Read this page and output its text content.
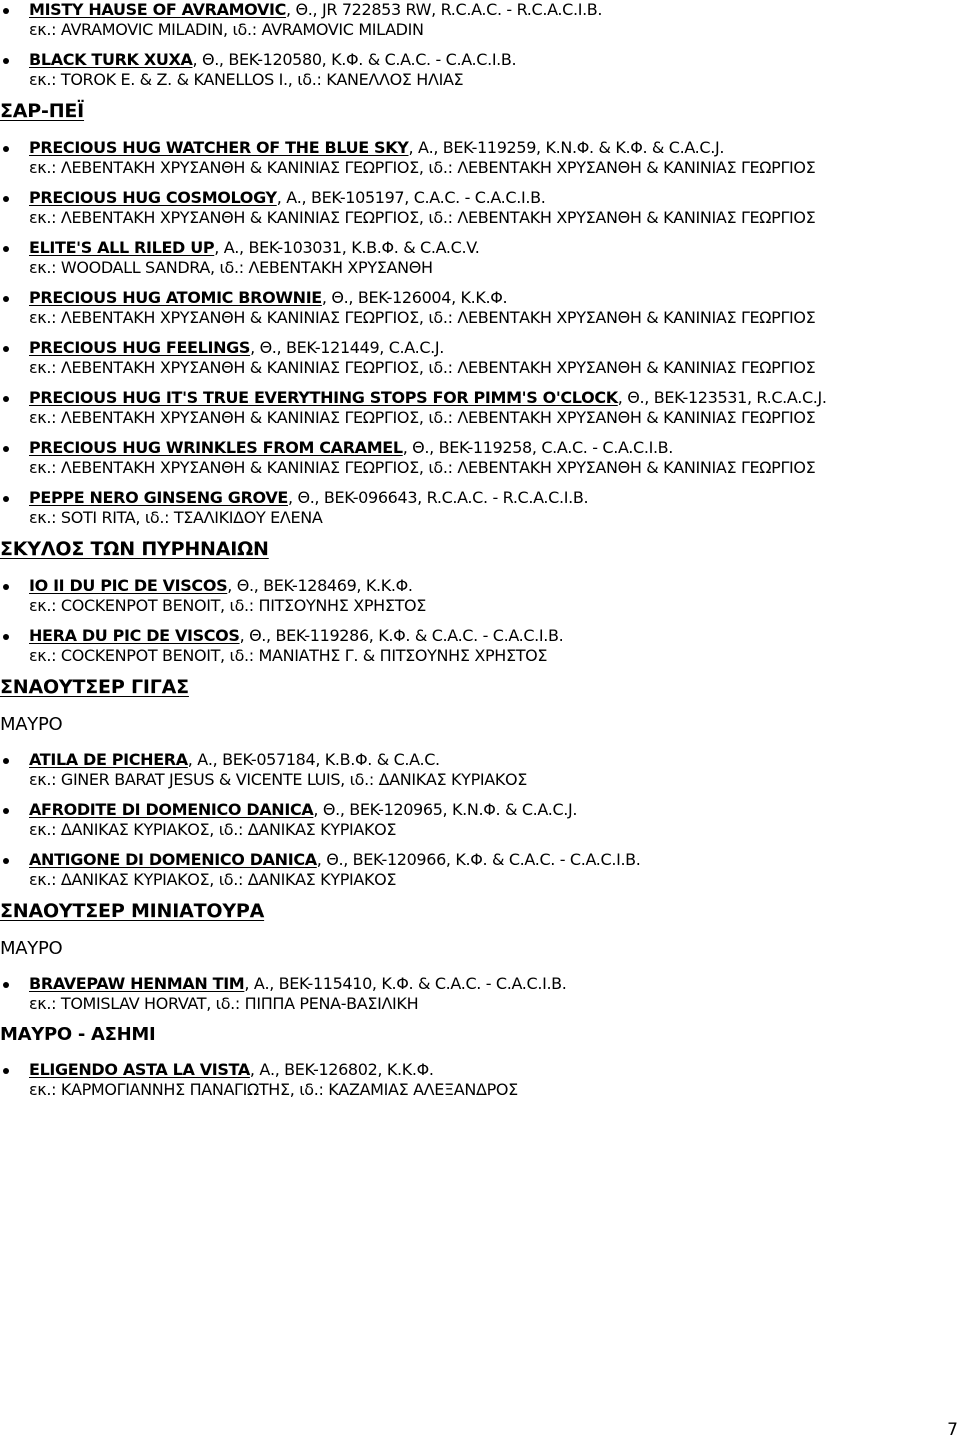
MISTY HAUSE OF AVRAMOVIC, Θ., JR 722853 RW, R.C.A.C. - R.C.A.C.I.B.
εκ.: AVRAMOVIC MILADIN, ιδ.: AVRAMOVIC MILADIN
BLACK TURK XUXA, Θ., BEK-120580, Κ.Φ. & C.A.C. - C.A.C.I.B.
εκ.: TOROK E. & Z. & KANELLOS I., ιδ.: ΚΑΝΕΛΛΟΣ ΗΛΙΑΣ
ΣΑΡ-ΠΕΪ
PRECIOUS HUG WATCHER OF THE BLUE SKY, Α., BEK-119259, Κ.Ν.Φ. & Κ.Φ. & C.A.C.J.
εκ.: ΛΕΒΕΝΤΑΚΗ ΧΡΥΣΑΝΘΗ & ΚΑΝΙΝΙΑΣ ΓΕΩΡΓΙΟΣ, ιδ.: ΛΕΒΕΝΤΑΚΗ ΧΡΥΣΑΝΘΗ & ΚΑΝΙΝΙΑΣ ΓΕΩΡΓΙΟΣ
PRECIOUS HUG COSMOLOGY, Α., BEK-105197, C.A.C. - C.A.C.I.B.
εκ.: ΛΕΒΕΝΤΑΚΗ ΧΡΥΣΑΝΘΗ & ΚΑΝΙΝΙΑΣ ΓΕΩΡΓΙΟΣ, ιδ.: ΛΕΒΕΝΤΑΚΗ ΧΡΥΣΑΝΘΗ & ΚΑΝΙΝΙΑΣ ΓΕΩΡΓΙΟΣ
ELITE'S ALL RILED UP, Α., BEK-103031, Κ.Β.Φ. & C.A.C.V.
εκ.: WOODALL SANDRA, ιδ.: ΛΕΒΕΝΤΑΚΗ ΧΡΥΣΑΝΘΗ
PRECIOUS HUG ATOMIC BROWNIE, Θ., BEK-126004, Κ.Κ.Φ.
εκ.: ΛΕΒΕΝΤΑΚΗ ΧΡΥΣΑΝΘΗ & ΚΑΝΙΝΙΑΣ ΓΕΩΡΓΙΟΣ, ιδ.: ΛΕΒΕΝΤΑΚΗ ΧΡΥΣΑΝΘΗ & ΚΑΝΙΝΙΑΣ ΓΕΩΡΓΙΟΣ
PRECIOUS HUG FEELINGS, Θ., BEK-121449, C.A.C.J.
εκ.: ΛΕΒΕΝΤΑΚΗ ΧΡΥΣΑΝΘΗ & ΚΑΝΙΝΙΑΣ ΓΕΩΡΓΙΟΣ, ιδ.: ΛΕΒΕΝΤΑΚΗ ΧΡΥΣΑΝΘΗ & ΚΑΝΙΝΙΑΣ ΓΕΩΡΓΙΟΣ
PRECIOUS HUG IT'S TRUE EVERYTHING STOPS FOR PIMM'S O'CLOCK, Θ., BEK-123531, R.C.A.C.J.
εκ.: ΛΕΒΕΝΤΑΚΗ ΧΡΥΣΑΝΘΗ & ΚΑΝΙΝΙΑΣ ΓΕΩΡΓΙΟΣ, ιδ.: ΛΕΒΕΝΤΑΚΗ ΧΡΥΣΑΝΘΗ & ΚΑΝΙΝΙΑΣ ΓΕΩΡΓΙΟΣ
PRECIOUS HUG WRINKLES FROM CARAMEL, Θ., BEK-119258, C.A.C. - C.A.C.I.B.
εκ.: ΛΕΒΕΝΤΑΚΗ ΧΡΥΣΑΝΘΗ & ΚΑΝΙΝΙΑΣ ΓΕΩΡΓΙΟΣ, ιδ.: ΛΕΒΕΝΤΑΚΗ ΧΡΥΣΑΝΘΗ & ΚΑΝΙΝΙΑΣ ΓΕΩΡΓΙΟΣ
PEPPE NERO GINSENG GROVE, Θ., BEK-096643, R.C.A.C. - R.C.A.C.I.B.
εκ.: SOTI RITA, ιδ.: ΤΣΑΛΙΚΙΔΟΥ ΕΛΕΝΑ
ΣΚΥΛΟΣ ΤΩΝ ΠΥΡΗΝΑΙΩΝ
IO II DU PIC DE VISCOS, Θ., BEK-128469, Κ.Κ.Φ.
εκ.: COCKENPOT BENOIT, ιδ.: ΠΙΤΣΟΥΝΗΣ ΧΡΗΣΤΟΣ
HERA DU PIC DE VISCOS, Θ., BEK-119286, Κ.Φ. & C.A.C. - C.A.C.I.B.
εκ.: COCKENPOT BENOIT, ιδ.: ΜΑΝΙΑΤΗΣ Γ. & ΠΙΤΣΟΥΝΗΣ ΧΡΗΣΤΟΣ
ΣΝΑΟΥΤΣΕΡ ΓΙΓΑΣ
ΜΑΥΡΟ
ATILA DE PICHERA, Α., BEK-057184, Κ.Β.Φ. & C.A.C.
εκ.: GINER BARAT JESUS & VICENTE LUIS, ιδ.: ΔΑΝΙΚΑΣ ΚΥΡΙΑΚΟΣ
AFRODITE DI DOMENICO DANICA, Θ., BEK-120965, Κ.Ν.Φ. & C.A.C.J.
εκ.: ΔΑΝΙΚΑΣ ΚΥΡΙΑΚΟΣ, ιδ.: ΔΑΝΙΚΑΣ ΚΥΡΙΑΚΟΣ
ANTIGONE DI DOMENICO DANICA, Θ., BEK-120966, Κ.Φ. & C.A.C. - C.A.C.I.B.
εκ.: ΔΑΝΙΚΑΣ ΚΥΡΙΑΚΟΣ, ιδ.: ΔΑΝΙΚΑΣ ΚΥΡΙΑΚΟΣ
ΣΝΑΟΥΤΣΕΡ ΜΙΝΙΑΤΟΥΡΑ
ΜΑΥΡΟ
BRAVEPAW HENMAN TIM, Α., BEK-115410, Κ.Φ. & C.A.C. - C.A.C.I.B.
εκ.: TOMISLAV HORVAT, ιδ.: ΠΙΠΠΑ ΡΕΝΑ-ΒΑΣΙΛΙΚΗ
ΜΑΥΡΟ - ΑΣΗΜΙ
ELIGENDO ASTA LA VISTA, Α., BEK-126802, Κ.Κ.Φ.
εκ.: ΚΑΡΜΟΓΙΑΝΝΗΣ ΠΑΝΑΓΙΩΤΗΣ, ιδ.: ΚΑΖΑΜΙΑΣ ΑΛΕΞΑΝΔΡΟΣ
7
